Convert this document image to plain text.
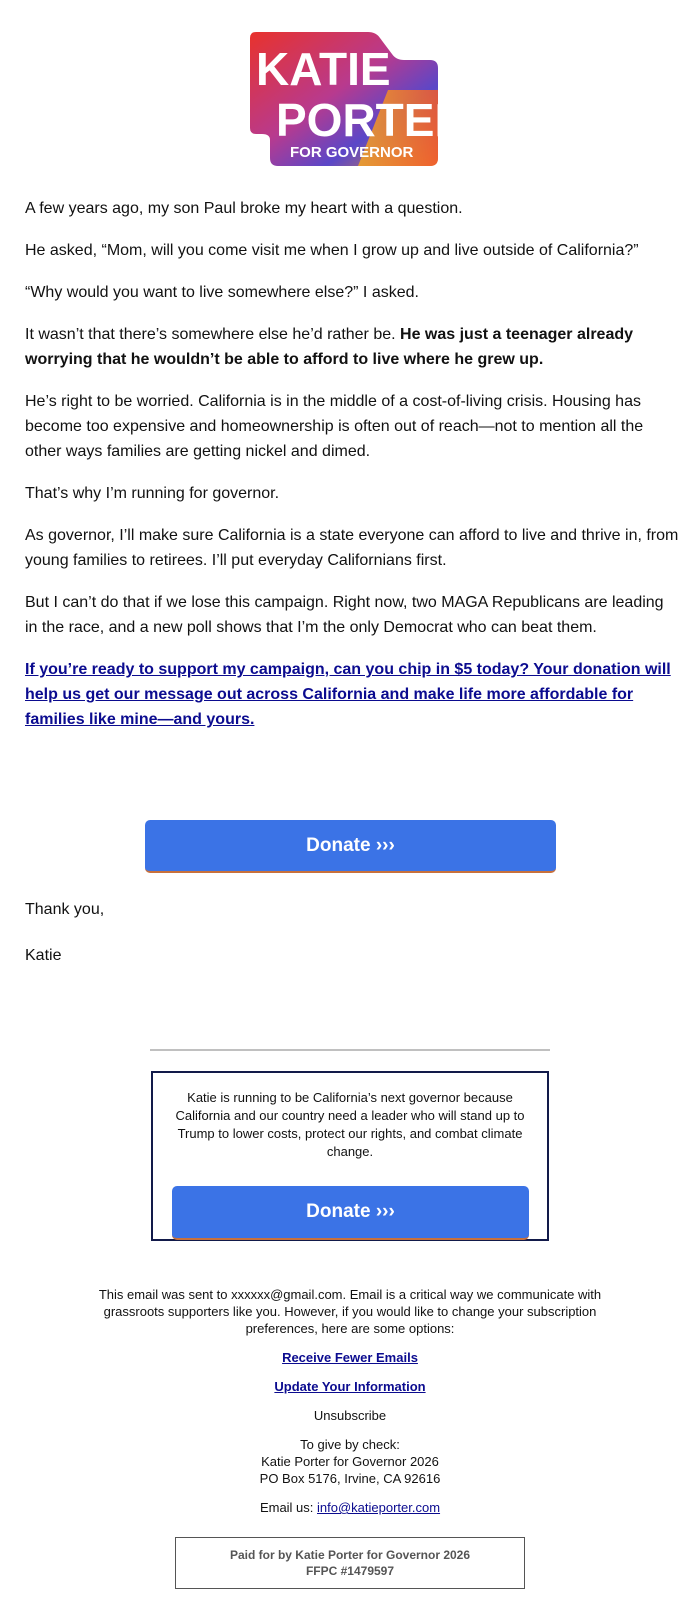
KATIE
PORTER
FOR GOVERNOR

A few years ago, my son Paul broke my heart with a question.

He asked, “Mom, will you come visit me when I grow up and live outside of California?”

“Why would you want to live somewhere else?” I asked.

It wasn’t that there’s somewhere else he’d rather be. He was just a teenager already worrying that he wouldn’t be able to afford to live where he grew up.

He’s right to be worried. California is in the middle of a cost-of-living crisis. Housing has become too expensive and homeownership is often out of reach—not to mention all the other ways families are getting nickel and dimed.

That’s why I’m running for governor.

As governor, I’ll make sure California is a state everyone can afford to live and thrive in, from young families to retirees. I’ll put everyday Californians first.

But I can’t do that if we lose this campaign. Right now, two MAGA Republicans are leading in the race, and a new poll shows that I’m the only Democrat who can beat them.

If you’re ready to support my campaign, can you chip in $5 today? Your donation will help us get our message out across California and make life more affordable for families like mine—and yours.

Donate ›››

Thank you,

Katie

Katie is running to be California’s next governor because California and our country need a leader who will stand up to Trump to lower costs, protect our rights, and combat climate change.
Donate ›››

This email was sent to xxxxxx@gmail.com. Email is a critical way we communicate with grassroots supporters like you. However, if you would like to change your subscription preferences, here are some options:

Receive Fewer Emails

Update Your Information

Unsubscribe

To give by check:
Katie Porter for Governor 2026
PO Box 5176, Irvine, CA 92616

Email us: info@katieporter.com

Paid for by Katie Porter for Governor 2026
FFPC #1479597
